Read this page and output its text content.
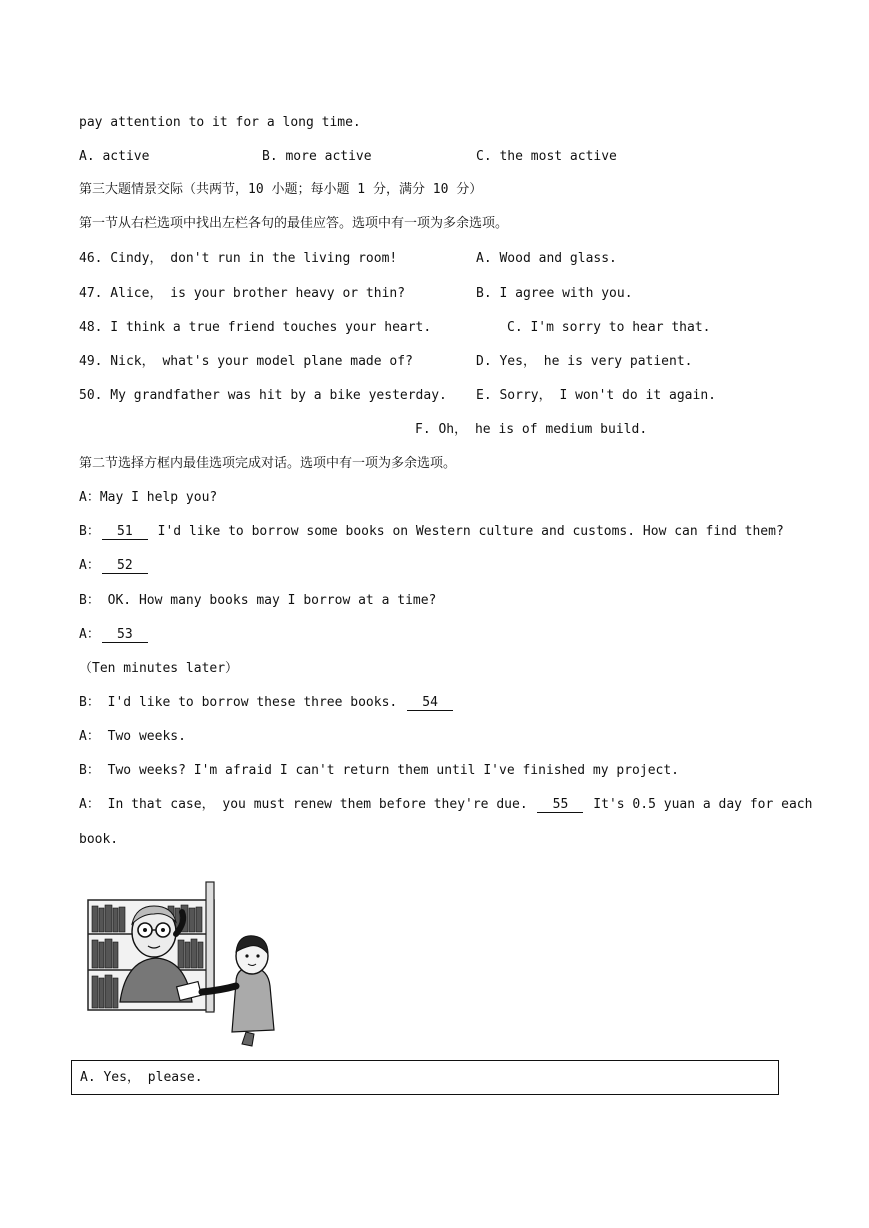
pay attention to it for a long time.
A. active	B. more active	C. the most active
第三大题情景交际（共两节，10 小题；每小题 1 分，满分 10 分）
第一节从右栏选项中找出左栏各句的最佳应答。选项中有一项为多余选项。
46. Cindy， don't run in the living room!
47. Alice， is your brother heavy or thin?
48. I think a true friend touches your heart.
49. Nick， what's your model plane made of?
50. My grandfather was hit by a bike yesterday.
A. Wood and glass.
B. I agree with you.
C. I'm sorry to hear that.
D. Yes， he is very patient.
E. Sorry， I won't do it again.
F. Oh， he is of medium build.
第二节选择方框内最佳选项完成对话。选项中有一项为多余选项。
A：May I help you?
B： 51 I'd like to borrow some books on Western culture and customs. How can find them?
A： 52
B： OK. How many books may I borrow at a time?
A： 53
（Ten minutes later）
B： I'd like to borrow these three books. 54
A： Two weeks.
B： Two weeks? I'm afraid I can't return them until I've finished my project.
A： In that case， you must renew them before they're due. 55 It's 0.5 yuan a day for each
book.
A. Yes， please.
